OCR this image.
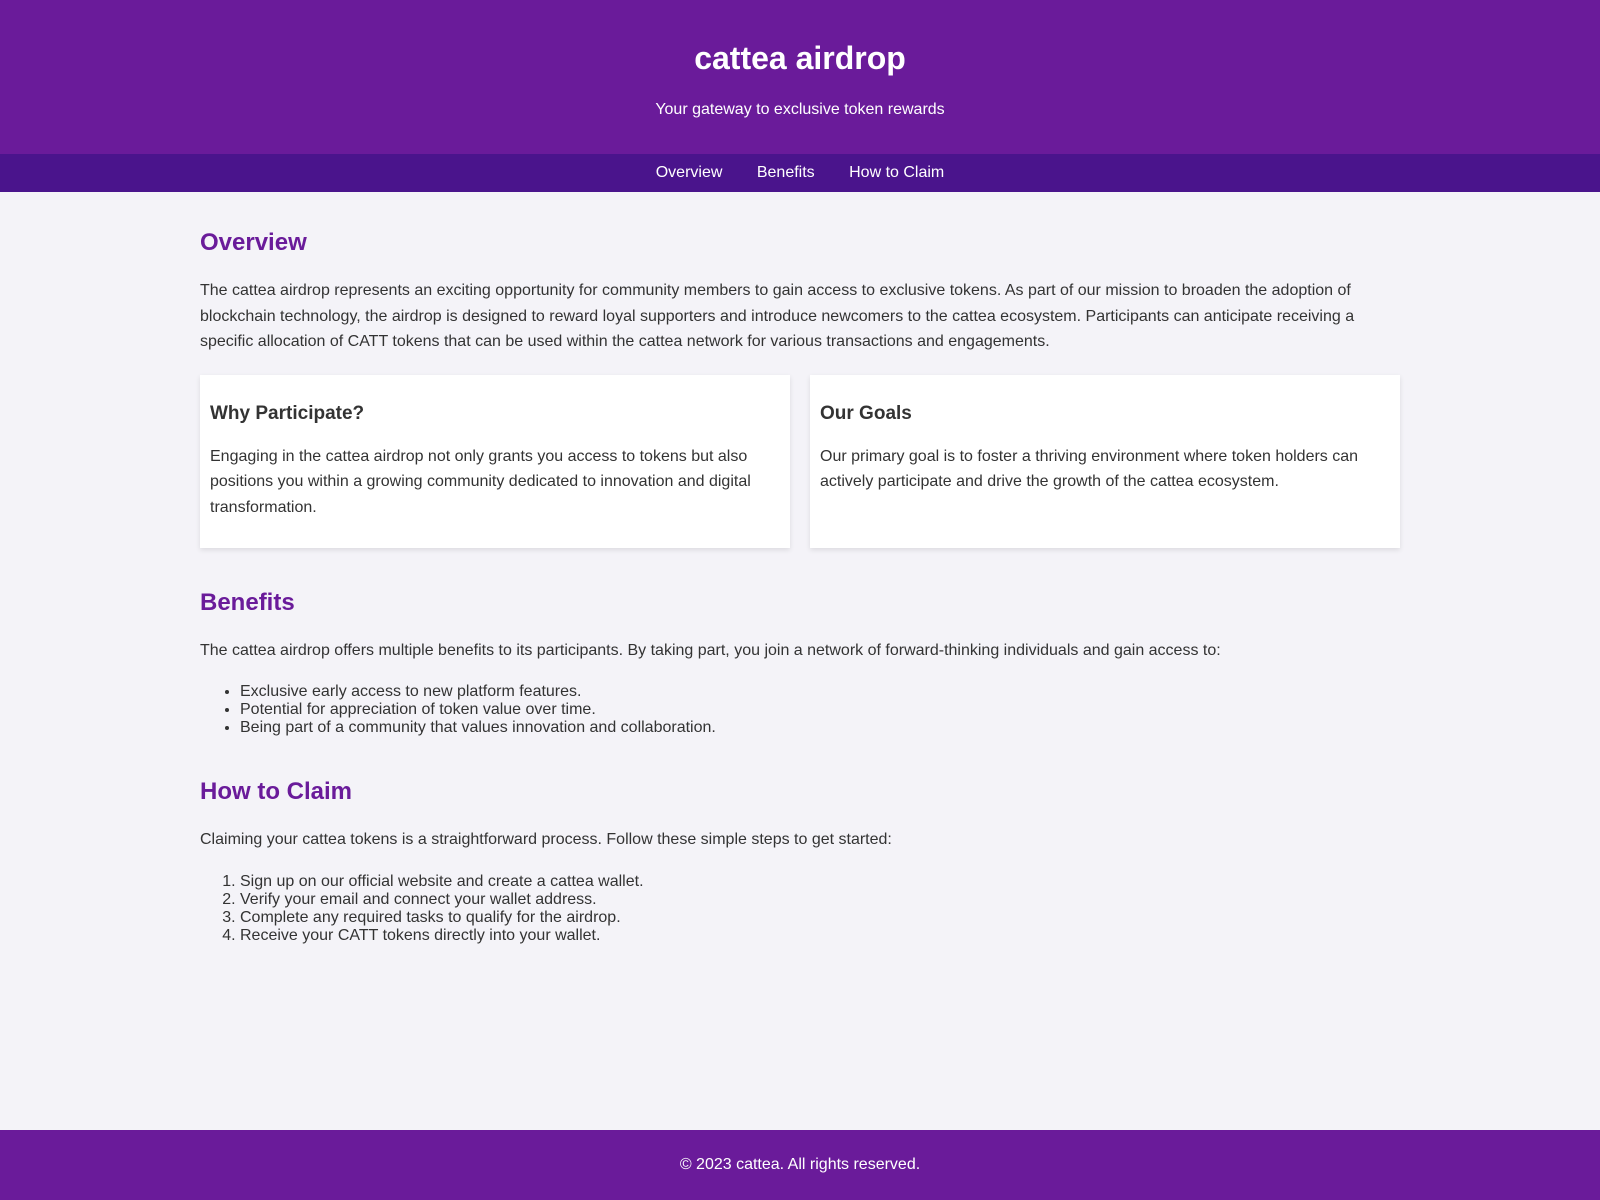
cattea airdrop

Your gateway to exclusive token rewards

Overview Benefits How to Claim
Overview

The cattea airdrop represents an exciting opportunity for community members to gain access to exclusive tokens. As part of our mission to broaden the adoption of blockchain technology, the airdrop is designed to reward loyal supporters and introduce newcomers to the cattea ecosystem. Participants can anticipate receiving a specific allocation of CATT tokens that can be used within the cattea network for various transactions and engagements.

Why Participate?

Engaging in the cattea airdrop not only grants you access to tokens but also positions you within a growing community dedicated to innovation and digital transformation.

Our Goals

Our primary goal is to foster a thriving environment where token holders can actively participate and drive the growth of the cattea ecosystem.

Benefits

The cattea airdrop offers multiple benefits to its participants. By taking part, you join a network of forward-thinking individuals and gain access to:

• Exclusive early access to new platform features.
• Potential for appreciation of token value over time.
• Being part of a community that values innovation and collaboration.
How to Claim

Claiming your cattea tokens is a straightforward process. Follow these simple steps to get started:

1. Sign up on our official website and create a cattea wallet.
2. Verify your email and connect your wallet address.
3. Complete any required tasks to qualify for the airdrop.
4. Receive your CATT tokens directly into your wallet.
© 2023 cattea. All rights reserved.
